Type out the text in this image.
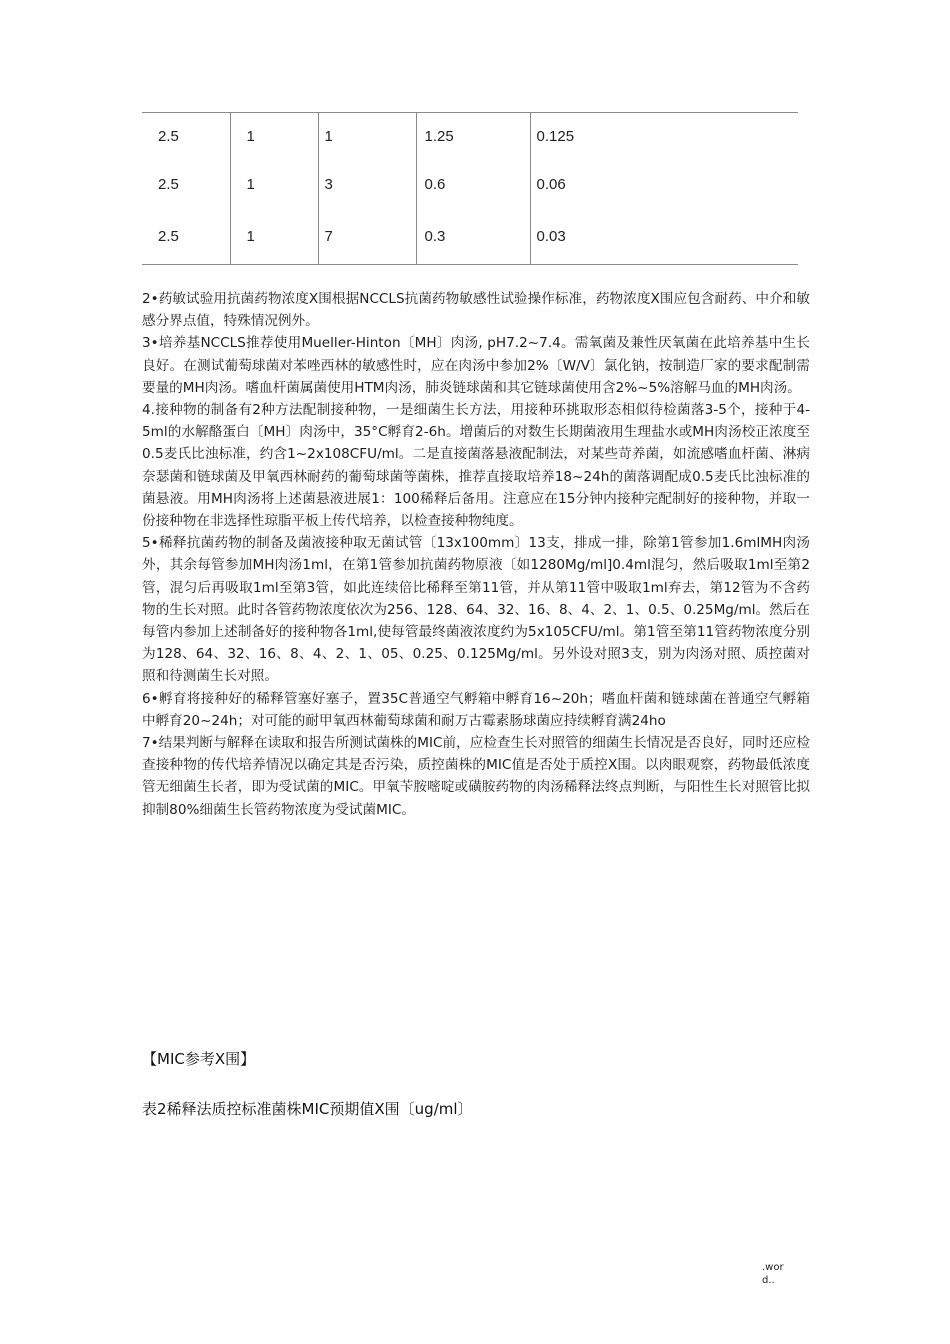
2.5	1	1	1.25	0.125
2.5	1	3	0.6	0.06
2.5	1	7	0.3	0.03

2•药敏试验用抗菌药物浓度X围根据NCCLS抗菌药物敏感性试验操作标准，药物浓度X围应包含耐药、中介和敏感分界点值，特殊情况例外。

3•培养基NCCLS推荐使用Mueller-Hinton〔MH〕肉汤, pH7.2~7.4。需氧菌及兼性厌氧菌在此培养基中生长良好。在测试葡萄球菌对苯唑西林的敏感性时，应在肉汤中参加2%〔W/V〕氯化钠，按制造厂家的要求配制需要量的MH肉汤。嗜血杆菌属菌使用HTM肉汤，肺炎链球菌和其它链球菌使用含2%~5%溶解马血的MH肉汤。

4.接种物的制备有2种方法配制接种物，一是细菌生长方法，用接种环挑取形态相似待检菌落3-5个，接种于4-5ml的水解酪蛋白〔MH〕肉汤中，35°C孵育2-6h。增菌后的对数生长期菌液用生理盐水或MH肉汤校正浓度至0.5麦氏比浊标准，约含1~2x108CFU/ml。二是直接菌落悬液配制法，对某些苛养菌，如流感嗜血杆菌、淋病奈瑟菌和链球菌及甲氧西林耐药的葡萄球菌等菌株，推荐直接取培养18~24h的菌落调配成0.5麦氏比浊标准的菌悬液。用MH肉汤将上述菌悬液进展1：100稀释后备用。注意应在15分钟内接种完配制好的接种物，并取一份接种物在非选择性琼脂平板上传代培养，以检查接种物纯度。

5•稀释抗菌药物的制备及菌液接种取无菌试管〔13x100mm〕13支，排成一排，除第1管参加1.6mlMH肉汤外，其余每管参加MH肉汤1ml，在第1管参加抗菌药物原液〔如1280Mg/ml]0.4ml混匀，然后吸取1ml至第2管，混匀后再吸取1ml至第3管，如此连续倍比稀释至第11管，并从第11管中吸取1ml弃去，第12管为不含药物的生长对照。此时各管药物浓度依次为256、128、64、32、16、8、4、2、1、0.5、0.25Mg/ml。然后在每管内参加上述制备好的接种物各1ml,使每管最终菌液浓度约为5x105CFU/ml。第1管至第11管药物浓度分别为128、64、32、16、8、4、2、1、05、0.25、0.125Mg/ml。另外设对照3支，别为肉汤对照、质控菌对照和待测菌生长对照。

6•孵育将接种好的稀释管塞好塞子，置35C普通空气孵箱中孵育16~20h；嗜血杆菌和链球菌在普通空气孵箱中孵育20~24h；对可能的耐甲氧西林葡萄球菌和耐万古霉素肠球菌应持续孵育满24ho

7•结果判断与解释在读取和报告所测试菌株的MIC前，应检查生长对照管的细菌生长情况是否良好，同时还应检查接种物的传代培养情况以确定其是否污染，质控菌株的MIC值是否处于质控X围。以肉眼观察，药物最低浓度管无细菌生长者，即为受试菌的MIC。甲氧苄胺嘧啶或磺胺药物的肉汤稀释法终点判断，与阳性生长对照管比拟抑制80%细菌生长管药物浓度为受试菌MIC。

【MIC参考X围】
表2稀释法质控标准菌株MIC预期值X围〔ug/ml〕
.wor
d..
